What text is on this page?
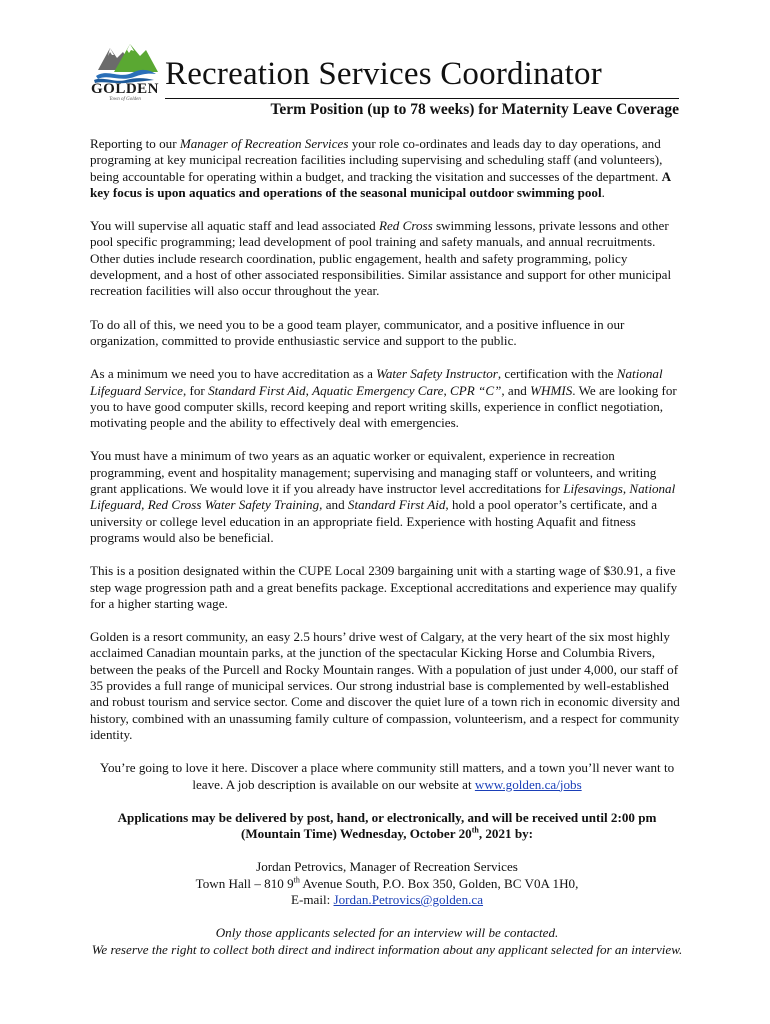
GOLDEN
Town of Golden
Recreation Services Coordinator
Term Position (up to 78 weeks) for Maternity Leave Coverage

Reporting to our Manager of Recreation Services your role co-ordinates and leads day to day operations, and programing at key municipal recreation facilities including supervising and scheduling staff (and volunteers), being accountable for operating within a budget, and tracking the visitation and successes of the department. A key focus is upon aquatics and operations of the seasonal municipal outdoor swimming pool.

You will supervise all aquatic staff and lead associated Red Cross swimming lessons, private lessons and other pool specific programming; lead development of pool training and safety manuals, and annual recruitments. Other duties include research coordination, public engagement, health and safety programming, policy development, and a host of other associated responsibilities. Similar assistance and support for other municipal recreation facilities will also occur throughout the year.

To do all of this, we need you to be a good team player, communicator, and a positive influence in our organization, committed to provide enthusiastic service and support to the public.

As a minimum we need you to have accreditation as a Water Safety Instructor, certification with the National Lifeguard Service, for Standard First Aid, Aquatic Emergency Care, CPR “C”, and WHMIS. We are looking for you to have good computer skills, record keeping and report writing skills, experience in conflict negotiation, motivating people and the ability to effectively deal with emergencies.

You must have a minimum of two years as an aquatic worker or equivalent, experience in recreation programming, event and hospitality management; supervising and managing staff or volunteers, and writing grant applications. We would love it if you already have instructor level accreditations for Lifesavings, National Lifeguard, Red Cross Water Safety Training, and Standard First Aid, hold a pool operator’s certificate, and a university or college level education in an appropriate field. Experience with hosting Aquafit and fitness programs would also be beneficial.

This is a position designated within the CUPE Local 2309 bargaining unit with a starting wage of $30.91, a five step wage progression path and a great benefits package. Exceptional accreditations and experience may qualify for a higher starting wage.

Golden is a resort community, an easy 2.5 hours’ drive west of Calgary, at the very heart of the six most highly acclaimed Canadian mountain parks, at the junction of the spectacular Kicking Horse and Columbia Rivers, between the peaks of the Purcell and Rocky Mountain ranges. With a population of just under 4,000, our staff of 35 provides a full range of municipal services. Our strong industrial base is complemented by well-established and robust tourism and service sector. Come and discover the quiet lure of a town rich in economic diversity and history, combined with an unassuming family culture of compassion, volunteerism, and a respect for community identity.

You’re going to love it here. Discover a place where community still matters, and a town you’ll never want to leave. A job description is available on our website at www.golden.ca/jobs

Applications may be delivered by post, hand, or electronically, and will be received until 2:00 pm (Mountain Time) Wednesday, October 20th, 2021 by:

Jordan Petrovics, Manager of Recreation Services
Town Hall – 810 9th Avenue South, P.O. Box 350, Golden, BC V0A 1H0,
E-mail: Jordan.Petrovics@golden.ca

Only those applicants selected for an interview will be contacted.
We reserve the right to collect both direct and indirect information about any applicant selected for an interview.
